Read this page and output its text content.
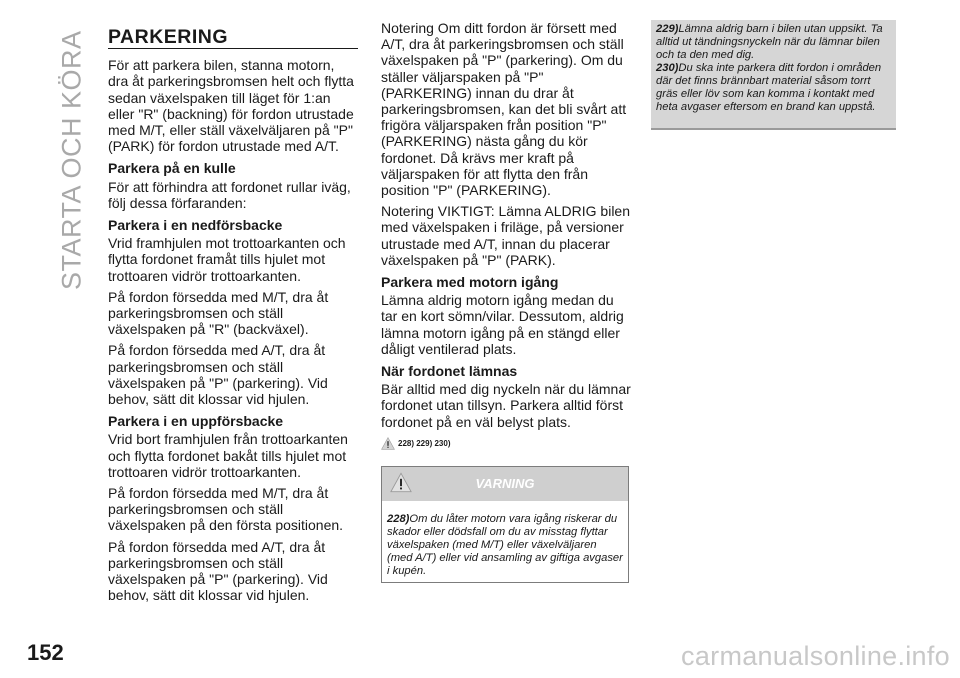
STARTA OCH KÖRA
152	carmanualsonline.info
PARKERING

För att parkera bilen, stanna motorn, dra åt parkeringsbromsen helt och flytta sedan växelspaken till läget för 1:an eller "R" (backning) för fordon utrustade med M/T, eller ställ växelväljaren på "P" (PARK) för fordon utrustade med A/T.

Parkera på en kulle

För att förhindra att fordonet rullar iväg, följ dessa förfaranden:

Parkera i en nedförsbacke

Vrid framhjulen mot trottoarkanten och flytta fordonet framåt tills hjulet mot trottoaren vidrör trottoarkanten.

På fordon försedda med M/T, dra åt parkeringsbromsen och ställ växelspaken på "R" (backväxel).

På fordon försedda med A/T, dra åt parkeringsbromsen och ställ växelspaken på "P" (parkering). Vid behov, sätt dit klossar vid hjulen.

Parkera i en uppförsbacke

Vrid bort framhjulen från trottoarkanten och flytta fordonet bakåt tills hjulet mot trottoaren vidrör trottoarkanten.

På fordon försedda med M/T, dra åt parkeringsbromsen och ställ växelspaken på den första positionen.

På fordon försedda med A/T, dra åt parkeringsbromsen och ställ växelspaken på "P" (parkering). Vid behov, sätt dit klossar vid hjulen.

Notering Om ditt fordon är försett med A/T, dra åt parkeringsbromsen och ställ växelspaken på "P" (parkering). Om du ställer väljarspaken på "P" (PARKERING) innan du drar åt parkeringsbromsen, kan det bli svårt att frigöra väljarspaken från position "P" (PARKERING) nästa gång du kör fordonet. Då krävs mer kraft på väljarspaken för att flytta den från position "P" (PARKERING).

Notering VIKTIGT: Lämna ALDRIG bilen med växelspaken i friläge, på versioner utrustade med A/T, innan du placerar växelspaken på "P" (PARK).

Parkera med motorn igång

Lämna aldrig motorn igång medan du tar en kort sömn/vilar. Dessutom, aldrig lämna motorn igång på en stängd eller dåligt ventilerad plats.

När fordonet lämnas

Bär alltid med dig nyckeln när du lämnar fordonet utan tillsyn. Parkera alltid först fordonet på en väl belyst plats.

228) 229) 230)
VARNING
228)Om du låter motorn vara igång riskerar du skador eller dödsfall om du av misstag flyttar växelspaken (med M/T) eller växelväljaren (med A/T) eller vid ansamling av giftiga avgaser i kupén.

229)Lämna aldrig barn i bilen utan uppsikt. Ta alltid ut tändningsnyckeln när du lämnar bilen och ta den med dig.

230)Du ska inte parkera ditt fordon i områden där det finns brännbart material såsom torrt gräs eller löv som kan komma i kontakt med heta avgaser eftersom en brand kan uppstå.
